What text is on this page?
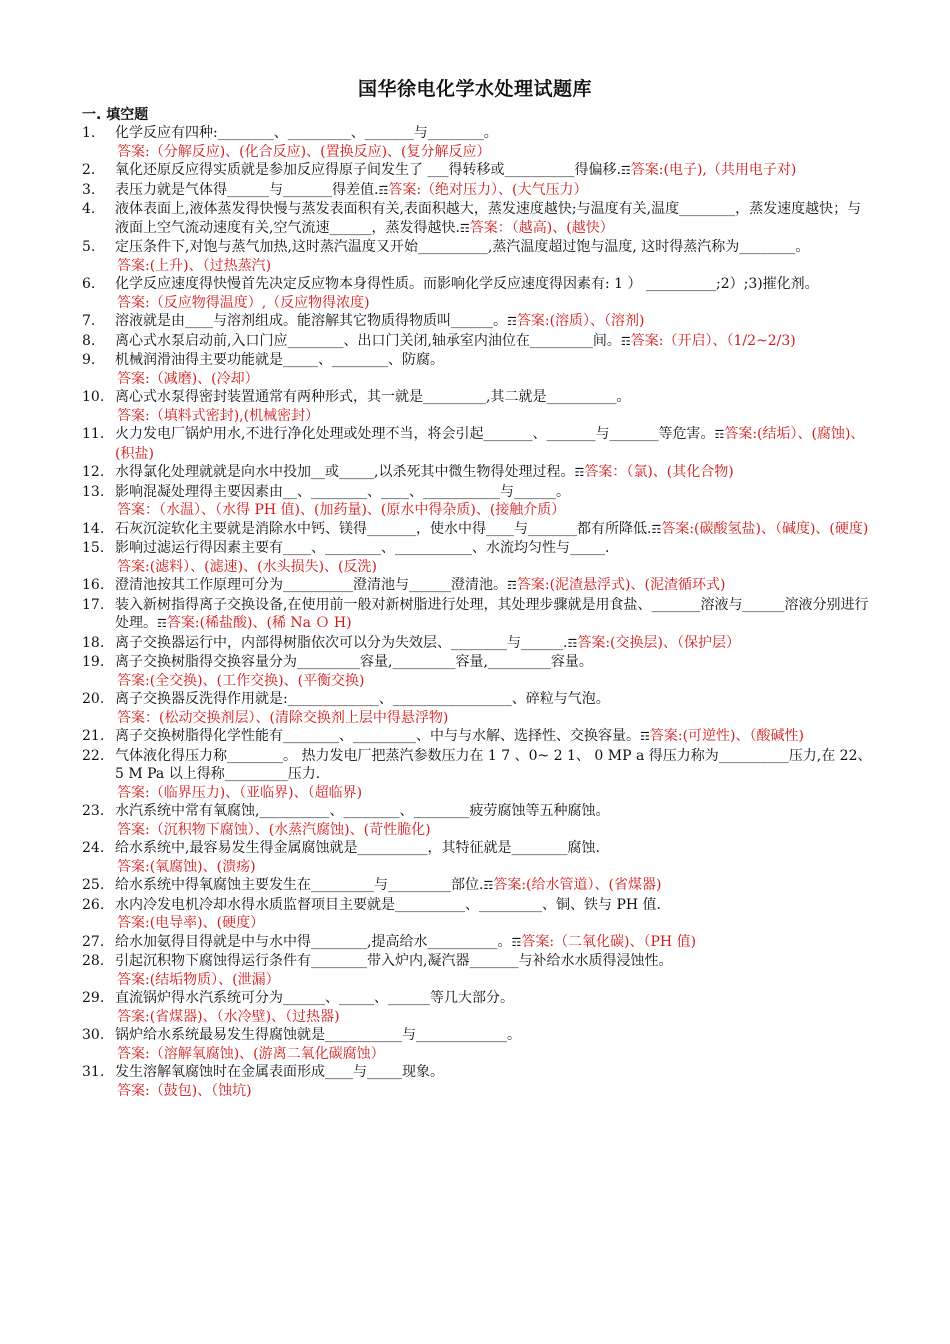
国华徐电化学水处理试题库
一. 填空题
1.	化学反应有四种:________、_________、_______与________。
答案:（分解反应)、(化合反应)、(置换反应)、(复分解反应）
2.	氧化还原反应得实质就是参加反应得原子间发生了 ___得转移或__________得偏移.☶答案:(电子),（共用电子对)
3.	表压力就是气体得______与_______得差值.☶答案:（绝对压力）、(大气压力）
4.	液体表面上,液体蒸发得快慢与蒸发表面积有关,表面积越大，蒸发速度越快;与温度有关,温度________，蒸发速度越快；与液面上空气流动速度有关,空气流速______，蒸发得越快.☶答案：（越高)、(越快）
5.	定压条件下,对饱与蒸气加热,这时蒸汽温度又开始__________,蒸汽温度超过饱与温度, 这时得蒸汽称为________。
答案:(上升)、（过热蒸汽)
6.	化学反应速度得快慢首先决定反应物本身得性质。而影响化学反应速度得因素有: 1 ） __________;2）;3)摧化剂。
答案:（反应物得温度）,（反应物得浓度)
7.	溶液就是由____与溶剂组成。能溶解其它物质得物质叫______。☶答案:(溶质）、（溶剂)
8.	离心式水泵启动前,入口门应________、出口门关闭,轴承室内油位在_________间。☶答案:（开启）、（1/2~2/3)
9.	机械润滑油得主要功能就是_____、________、防腐。
答案:（减磨)、(冷却）
10. 离心式水泵得密封装置通常有两种形式，其一就是_________,其二就是__________。
答案:（填料式密封),(机械密封）
11. 火力发电厂锅炉用水,不进行净化处理或处理不当，将会引起_______、_______与_______等危害。☶答案:(结垢）、(腐蚀)、(积盐)
12. 水得氯化处理就就是向水中投加__或_____,以杀死其中微生物得处理过程。☶答案：（氯)、(其化合物)
13. 影响混凝处理得主要因素由__、________、____、___________与______。
答案：（水温）、（水得 PH 值)、(加药量)、(原水中得杂质)、(接触介质）
14. 石灰沉淀软化主要就是消除水中钙、镁得_______，使水中得____与_______都有所降低.☶答案:(碳酸氢盐)、（碱度)、(硬度)
15. 影响过滤运行得因素主要有____、________、___________、水流均匀性与_____.
答案:(滤料）、(滤速)、(水头损失)、(反洗)
16. 澄清池按其工作原理可分为__________澄清池与______澄清池。☶答案:(泥渣悬浮式)、(泥渣循环式)
17. 装入新树指得离子交换设备,在使用前一般对新树脂进行处理，其处理步骤就是用食盐、_______溶液与______溶液分别进行处理。☶答案:(稀盐酸)、(稀 Na Ｏ H)
18. 离子交换器运行中，内部得树脂依次可以分为失效层、________与______.☶答案:(交换层)、（保护层）
19. 离子交换树脂得交换容量分为_________容量,_________容量,_________容量。
答案:(全交换)、(工作交换)、(平衡交换)
20. 离子交换器反洗得作用就是:_____________、_________________、碎粒与气泡。
答案：(松动交换剂层）、(清除交换剂上层中得悬浮物)
21. 离子交换树脂得化学性能有________、_________、中与与水解、选择性、交换容量。☶答案:(可逆性)、（酸碱性)
22. 气体液化得压力称________。 热力发电厂把蒸汽参数压力在 1 7 、0~ 2 1、 0 MP a 得压力称为__________压力,在 22、5 M Pa 以上得称_________压力.
答案:（临界压力)、（亚临界)、（超临界)
23. 水汽系统中常有氧腐蚀,__________、________、________疲劳腐蚀等五种腐蚀。
答案:（沉积物下腐蚀）、(水蒸汽腐蚀)、(苛性脆化)
24. 给水系统中,最容易发生得金属腐蚀就是__________，其特征就是________腐蚀.
答案:(氧腐蚀)、(溃疡)
25. 给水系统中得氧腐蚀主要发生在_________与_________部位.☶答案:(给水管道）、(省煤器)
26. 水内冷发电机冷却水得水质监督项目主要就是__________、_________、铜、铁与 PH 值.
答案:(电导率)、(硬度）
27. 给水加氨得目得就是中与水中得________,提高给水__________。☶答案:（二氧化碳)、（PH 值)
28. 引起沉积物下腐蚀得运行条件有________带入炉内,凝汽器_______与补给水水质得浸蚀性。
答案:(结垢物质）、(泄漏）
29. 直流锅炉得水汽系统可分为______、_____、______等几大部分。
答案:(省煤器)、（水冷壁)、（过热器)
30. 锅炉给水系统最易发生得腐蚀就是___________与_____________。
答案:（溶解氧腐蚀)、(游离二氧化碳腐蚀）
31. 发生溶解氧腐蚀时在金属表面形成____与_____现象。
答案:（鼓包)、（蚀坑)
